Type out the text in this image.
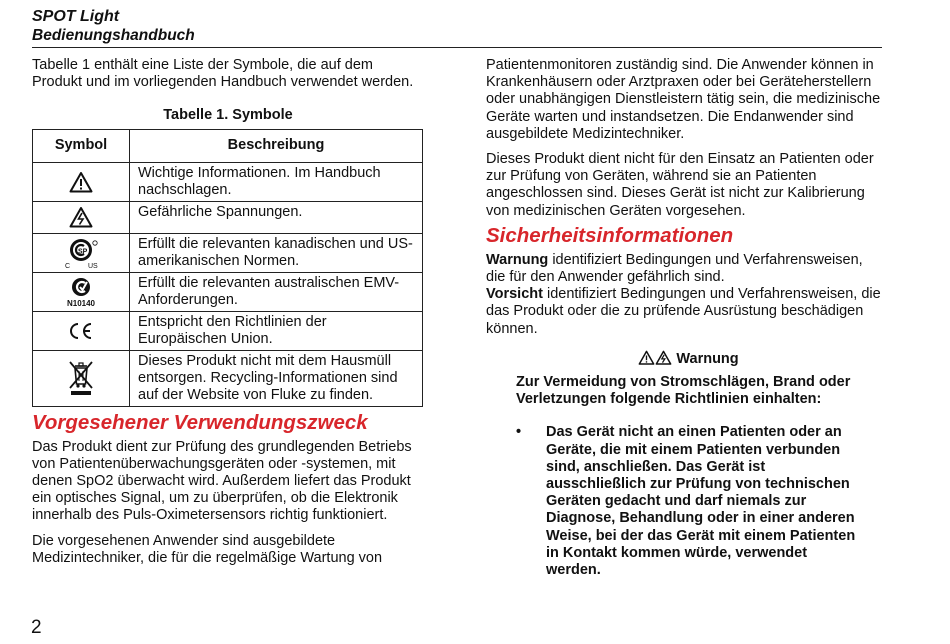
SPOT Light
Bedienungshandbuch

Tabelle 1 enthält eine Liste der Symbole, die auf dem Produkt und im vorliegenden Handbuch verwendet werden.

Tabelle 1. Symbole
Symbol	Beschreibung

	Wichtige Informationen. Im Handbuch nachschlagen.

	Gefährliche Spannungen.

SP
C US	Erfüllt die relevanten kanadischen und US-amerikanischen Normen.

N10140	Erfüllt die relevanten australischen EMV-Anforderungen.

	Entspricht den Richtlinien der Europäischen Union.

	Dieses Produkt nicht mit dem Hausmüll entsorgen. Recycling-Informationen sind auf der Website von Fluke zu finden.
Vorgesehener Verwendungszweck

Das Produkt dient zur Prüfung des grundlegenden Betriebs von Patientenüberwachungsgeräten oder -systemen, mit denen SpO2 überwacht wird. Außerdem liefert das Produkt ein optisches Signal, um zu überprüfen, ob die Elektronik innerhalb des Puls-Oximetersensors richtig funktioniert.

Die vorgesehenen Anwender sind ausgebildete Medizintechniker, die für die regelmäßige Wartung von

Patientenmonitoren zuständig sind. Die Anwender können in Krankenhäusern oder Arztpraxen oder bei Geräteherstellern oder unabhängigen Dienstleistern tätig sein, die medizinische Geräte warten und instandsetzen. Die Endanwender sind ausgebildete Medizintechniker.

Dieses Produkt dient nicht für den Einsatz an Patienten oder zur Prüfung von Geräten, während sie an Patienten angeschlossen sind. Dieses Gerät ist nicht zur Kalibrierung von medizinischen Geräten vorgesehen.

Sicherheitsinformationen

Warnung identifiziert Bedingungen und Verfahrensweisen, die für den Anwender gefährlich sind.

Vorsicht identifiziert Bedingungen und Verfahrensweisen, die das Produkt oder die zu prüfende Ausrüstung beschädigen können.

Warnung

Zur Vermeidung von Stromschlägen, Brand oder Verletzungen folgende Richtlinien einhalten:

•	Das Gerät nicht an einen Patienten oder an Geräte, die mit einem Patienten verbunden sind, anschließen. Das Gerät ist ausschließlich zur Prüfung von technischen Geräten gedacht und darf niemals zur Diagnose, Behandlung oder in einer anderen Weise, bei der das Gerät mit einem Patienten in Kontakt kommen würde, verwendet werden.
2
